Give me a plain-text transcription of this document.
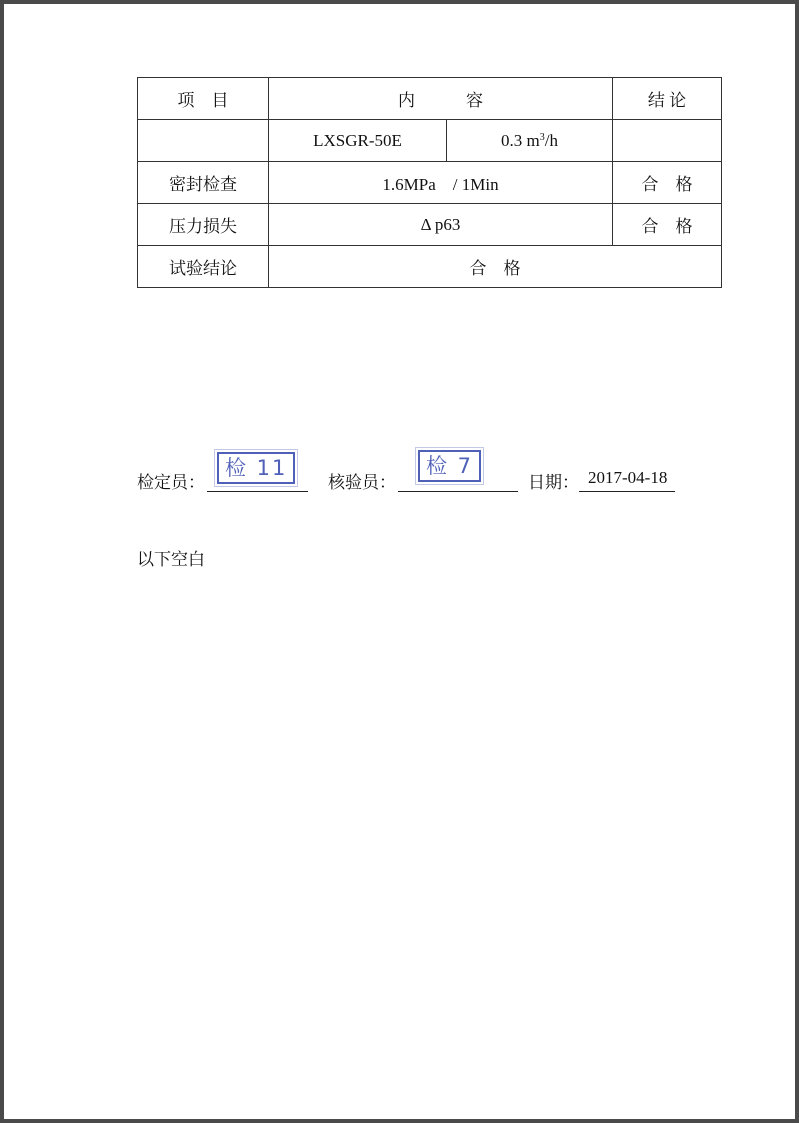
项　目	内　　　容		结 论
	LXSGR-50E	0.3 $m^3/h$	
密封检查	1.6MPa　/ 1Min		合　格
压力损失	Δ p63		合　格
试验结论	合　格		
检定员：
检 11
核验员：
检 7
日期： 2017-04-18
以下空白
